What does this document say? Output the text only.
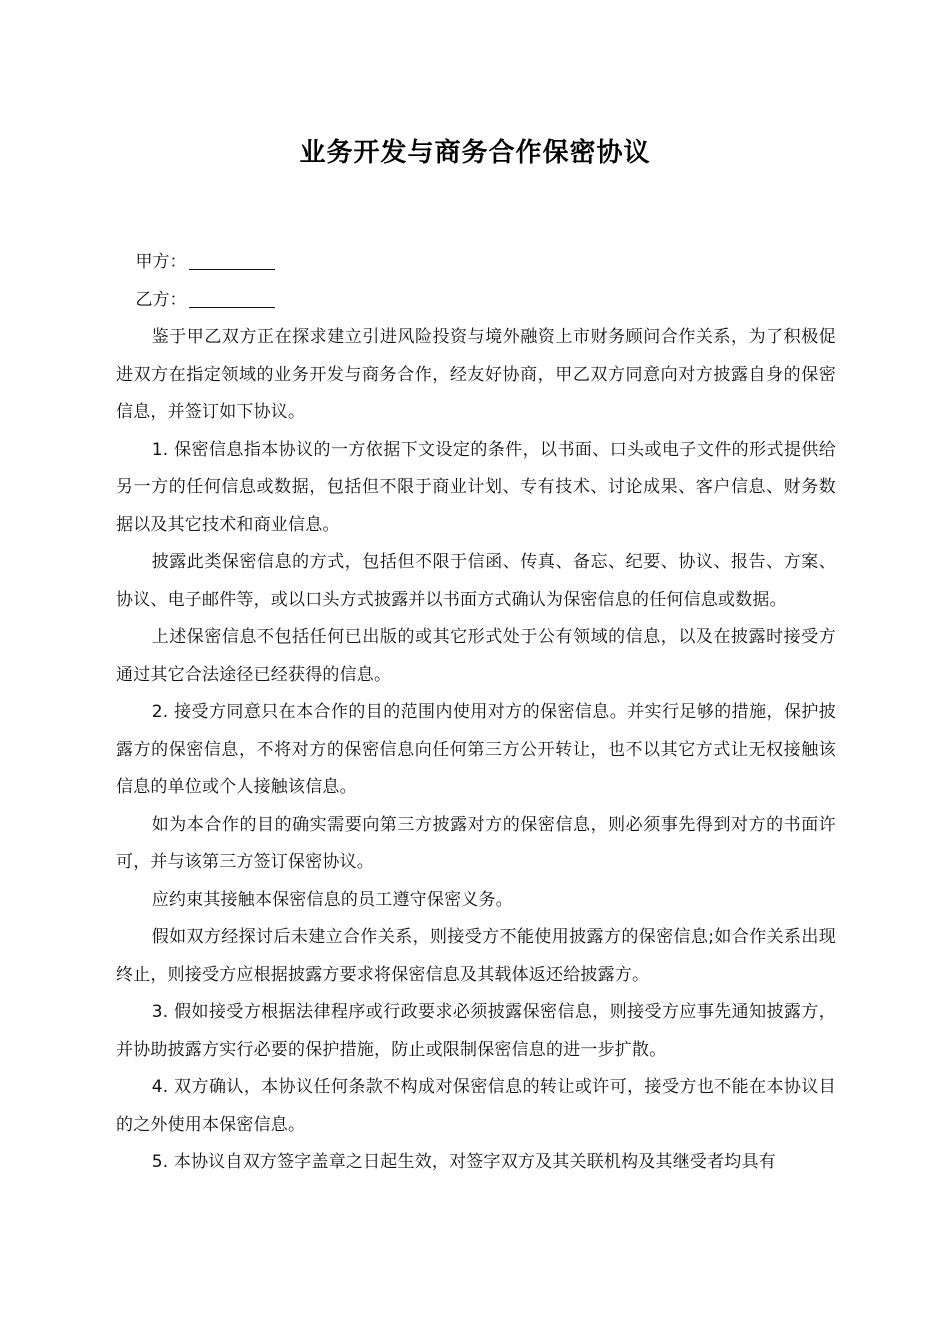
业务开发与商务合作保密协议

甲方：

乙方：

鉴于甲乙双方正在探求建立引进风险投资与境外融资上市财务顾问合作关系，为了积极促进双方在指定领域的业务开发与商务合作，经友好协商，甲乙双方同意向对方披露自身的保密信息，并签订如下协议。

1. 保密信息指本协议的一方依据下文设定的条件，以书面、口头或电子文件的形式提供给另一方的任何信息或数据，包括但不限于商业计划、专有技术、讨论成果、客户信息、财务数据以及其它技术和商业信息。

披露此类保密信息的方式，包括但不限于信函、传真、备忘、纪要、协议、报告、方案、协议、电子邮件等，或以口头方式披露并以书面方式确认为保密信息的任何信息或数据。

上述保密信息不包括任何已出版的或其它形式处于公有领域的信息，以及在披露时接受方通过其它合法途径已经获得的信息。

2. 接受方同意只在本合作的目的范围内使用对方的保密信息。并实行足够的措施，保护披露方的保密信息，不将对方的保密信息向任何第三方公开转让，也不以其它方式让无权接触该信息的单位或个人接触该信息。

如为本合作的目的确实需要向第三方披露对方的保密信息，则必须事先得到对方的书面许可，并与该第三方签订保密协议。

应约束其接触本保密信息的员工遵守保密义务。

假如双方经探讨后未建立合作关系，则接受方不能使用披露方的保密信息;如合作关系出现终止，则接受方应根据披露方要求将保密信息及其载体返还给披露方。

3. 假如接受方根据法律程序或行政要求必须披露保密信息，则接受方应事先通知披露方，并协助披露方实行必要的保护措施，防止或限制保密信息的进一步扩散。

4. 双方确认，本协议任何条款不构成对保密信息的转让或许可，接受方也不能在本协议目的之外使用本保密信息。

5. 本协议自双方签字盖章之日起生效，对签字双方及其关联机构及其继受者均具有
